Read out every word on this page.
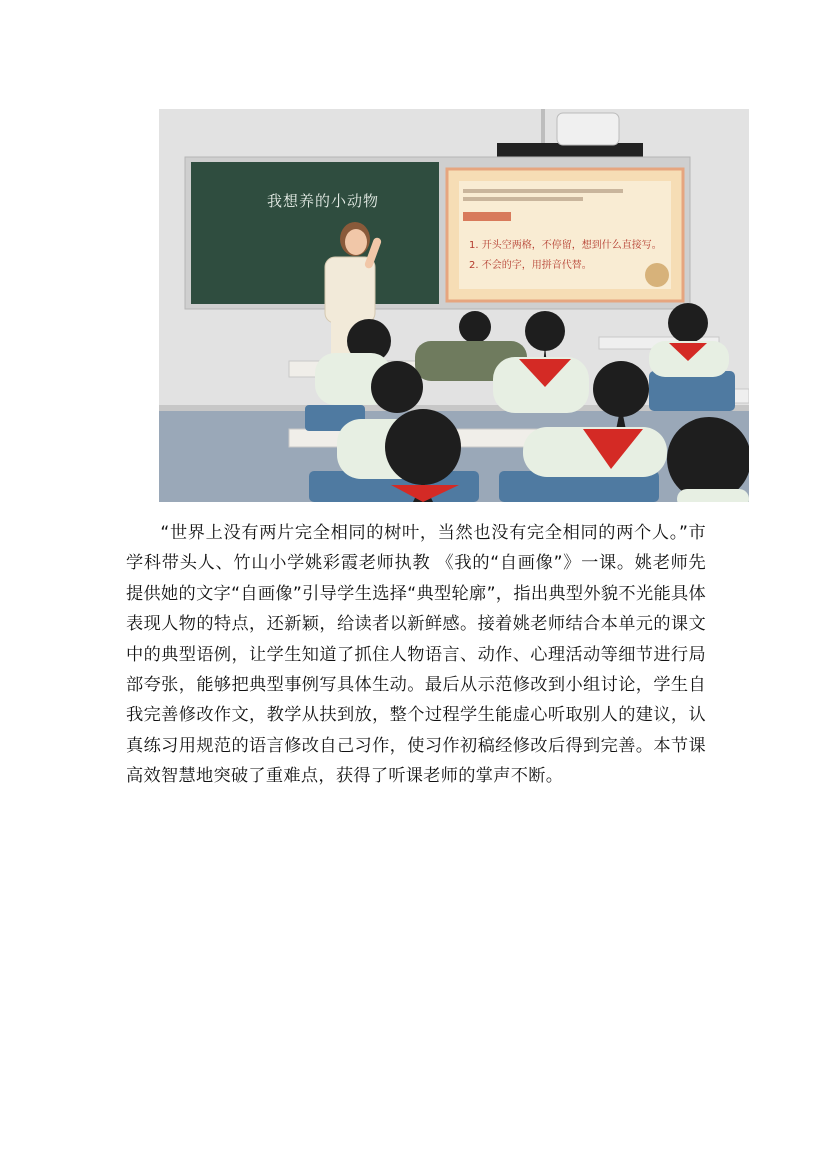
我想养的小动物
1. 开头空两格，不停留，想到什么直接写。
2. 不会的字，用拼音代替。

“世界上没有两片完全相同的树叶，当然也没有完全相同的两个人。”市学科带头人、竹山小学姚彩霞老师执教 《我的“自画像”》一课。姚老师先提供她的文字“自画像”引导学生选择“典型轮廓”，指出典型外貌不光能具体表现人物的特点，还新颖，给读者以新鲜感。接着姚老师结合本单元的课文中的典型语例，让学生知道了抓住人物语言、动作、心理活动等细节进行局部夸张，能够把典型事例写具体生动。最后从示范修改到小组讨论，学生自我完善修改作文，教学从扶到放，整个过程学生能虚心听取别人的建议，认真练习用规范的语言修改自己习作，使习作初稿经修改后得到完善。本节课高效智慧地突破了重难点，获得了听课老师的掌声不断。
